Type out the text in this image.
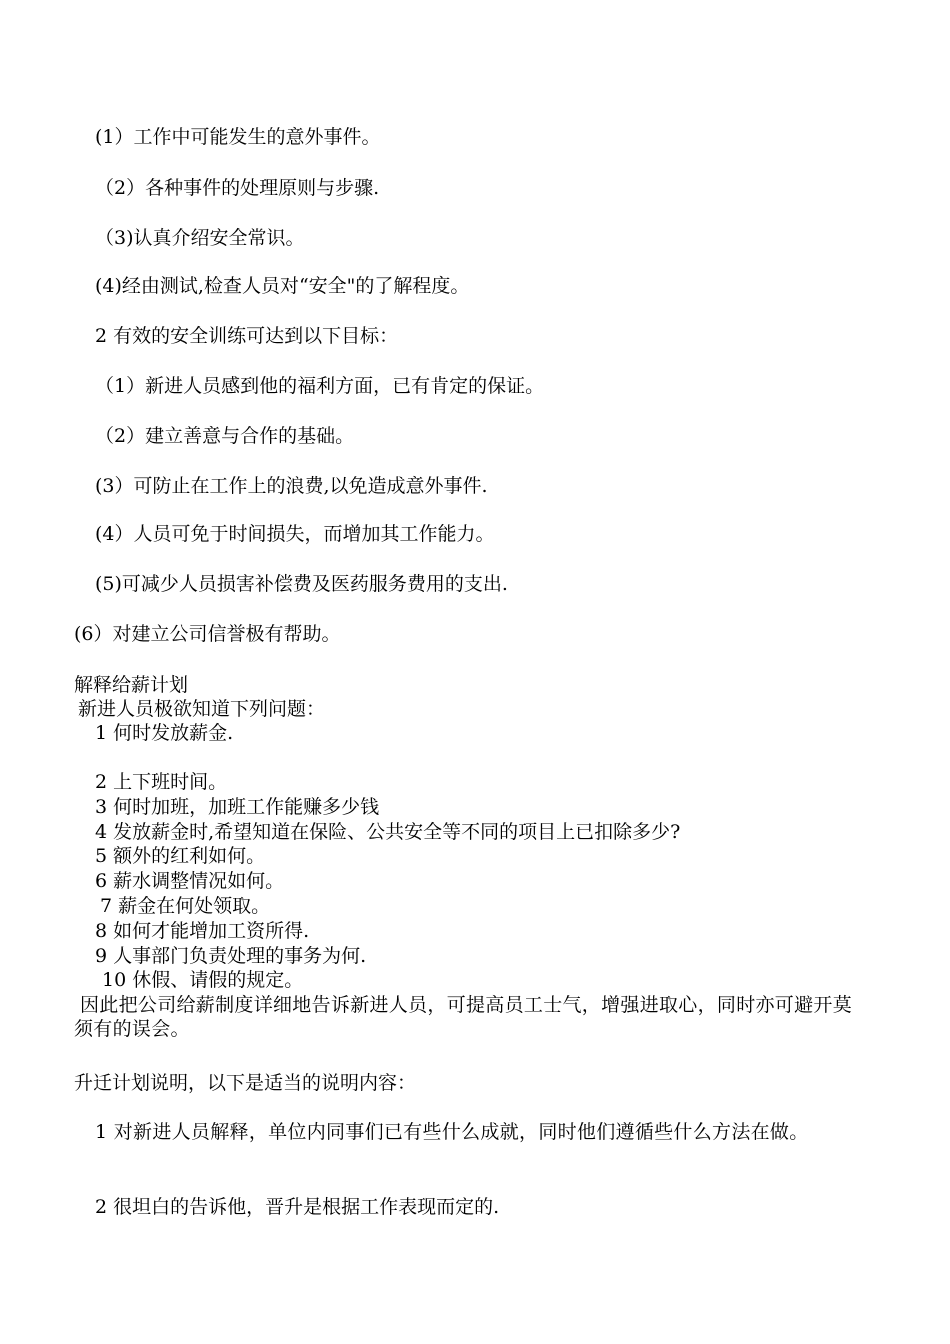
(1）工作中可能发生的意外事件。
（2）各种事件的处理原则与步骤.
（3)认真介绍安全常识。
(4)经由测试,检查人员对“安全"的了解程度。
2 有效的安全训练可达到以下目标：
（1）新进人员感到他的福利方面，已有肯定的保证。
（2）建立善意与合作的基础。
(3）可防止在工作上的浪费,以免造成意外事件.
(4）人员可免于时间损失，而增加其工作能力。
(5)可减少人员损害补偿费及医药服务费用的支出.
(6）对建立公司信誉极有帮助。
解释给薪计划
新进人员极欲知道下列问题：
1 何时发放薪金.
2 上下班时间。
3 何时加班，加班工作能赚多少钱
4 发放薪金时,希望知道在保险、公共安全等不同的项目上已扣除多少?
5 额外的红利如何。
6 薪水调整情况如何。
7 薪金在何处领取。
8 如何才能增加工资所得.
9 人事部门负责处理的事务为何.
10 休假、请假的规定。
因此把公司给薪制度详细地告诉新进人员，可提高员工士气，增强进取心，同时亦可避开莫须有的误会。
升迁计划说明，以下是适当的说明内容：
1 对新进人员解释，单位内同事们已有些什么成就，同时他们遵循些什么方法在做。
2 很坦白的告诉他，晋升是根据工作表现而定的.
